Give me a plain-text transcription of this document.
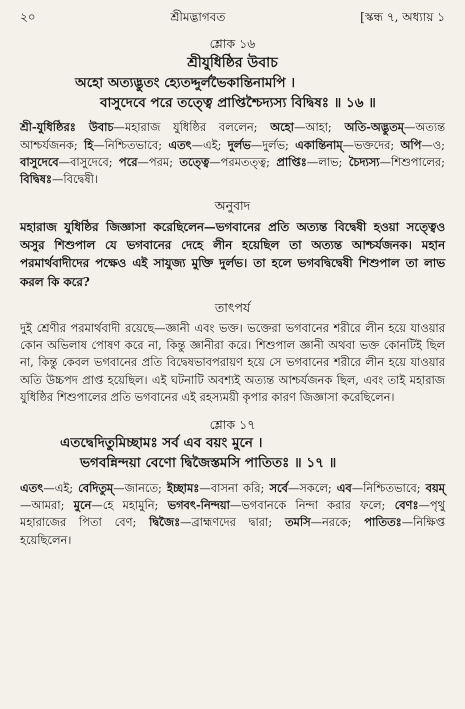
২০	শ্রীমদ্ভাগবত	[স্কন্ধ ৭, অধ্যায় ১
শ্লোক ১৬
শ্রীযুধিষ্ঠির উবাচ
অহো অত্যদ্ভুতং হ্যেতদ্দুর্লভৈকান্তিনামপি ।
বাসুদেবে পরে তত্ত্বে প্রাপ্তিশ্চৈদ্যস্য বিদ্বিষঃ ॥ ১৬ ॥

শ্রী-যুধিষ্ঠিরঃ উবাচ—মহারাজ যুধিষ্ঠির বললেন; অহো—আহা; অতি-অদ্ভুতম্—অত্যন্ত আশ্চর্যজনক; হি—নিশ্চিতভাবে; এতৎ—এই; দুর্লভ—দুর্লভ; একান্তিনাম্—ভক্তদের; অপি—ও; বাসুদেবে—বাসুদেবে; পরে—পরম; তত্ত্বে—পরমতত্ত্ব; প্রাপ্তিঃ—লাভ; চৈদ্যস্য—শিশুপালের; বিদ্বিষঃ—বিদ্বেষী।

অনুবাদ

মহারাজ যুধিষ্ঠির জিজ্ঞাসা করেছিলেন—ভগবানের প্রতি অত্যন্ত বিদ্বেষী হওয়া সত্ত্বেও অসুর শিশুপাল যে ভগবানের দেহে লীন হয়েছিল তা অত্যন্ত আশ্চর্যজনক। মহান পরমার্থবাদীদের পক্ষেও এই সাযুজ্য মুক্তি দুর্লভ। তা হলে ভগবদ্বিদ্বেষী শিশুপাল তা লাভ করল কি করে?

তাৎপর্য

দুই শ্রেণীর পরমার্থবাদী রয়েছে—জ্ঞানী এবং ভক্ত। ভক্তেরা ভগবানের শরীরে লীন হয়ে যাওয়ার কোন অভিলাষ পোষণ করে না, কিন্তু জ্ঞানীরা করে। শিশুপাল জ্ঞানী অথবা ভক্ত কোনটিই ছিল না, কিন্তু কেবল ভগবানের প্রতি বিদ্বেষভাবপরায়ণ হয়ে সে ভগবানের শরীরে লীন হয়ে যাওয়ার অতি উচ্চপদ প্রাপ্ত হয়েছিল। এই ঘটনাটি অবশ্যই অত্যন্ত আশ্চর্যজনক ছিল, এবং তাই মহারাজ যুধিষ্ঠির শিশুপালের প্রতি ভগবানের এই রহস্যময়ী কৃপার কারণ জিজ্ঞাসা করেছিলেন।

শ্লোক ১৭
এতদ্বেদিতুমিচ্ছামঃ সর্ব এব বয়ং মুনে ।
ভগবন্নিন্দয়া বেণো দ্বিজৈস্তমসি পাতিতঃ ॥ ১৭ ॥

এতৎ—এই; বেদিতুম্—জানতে; ইচ্ছামঃ—বাসনা করি; সর্বে—সকলে; এব—নিশ্চিতভাবে; বয়ম্—আমরা; মুনে—হে মহামুনি; ভগবৎ-নিন্দয়া—ভগবানকে নিন্দা করার ফলে; বেণঃ—পৃথু মহারাজের পিতা বেণ; দ্বিজৈঃ—ব্রাহ্মণদের দ্বারা; তমসি—নরকে; পাতিতঃ—নিক্ষিপ্ত হয়েছিলেন।
